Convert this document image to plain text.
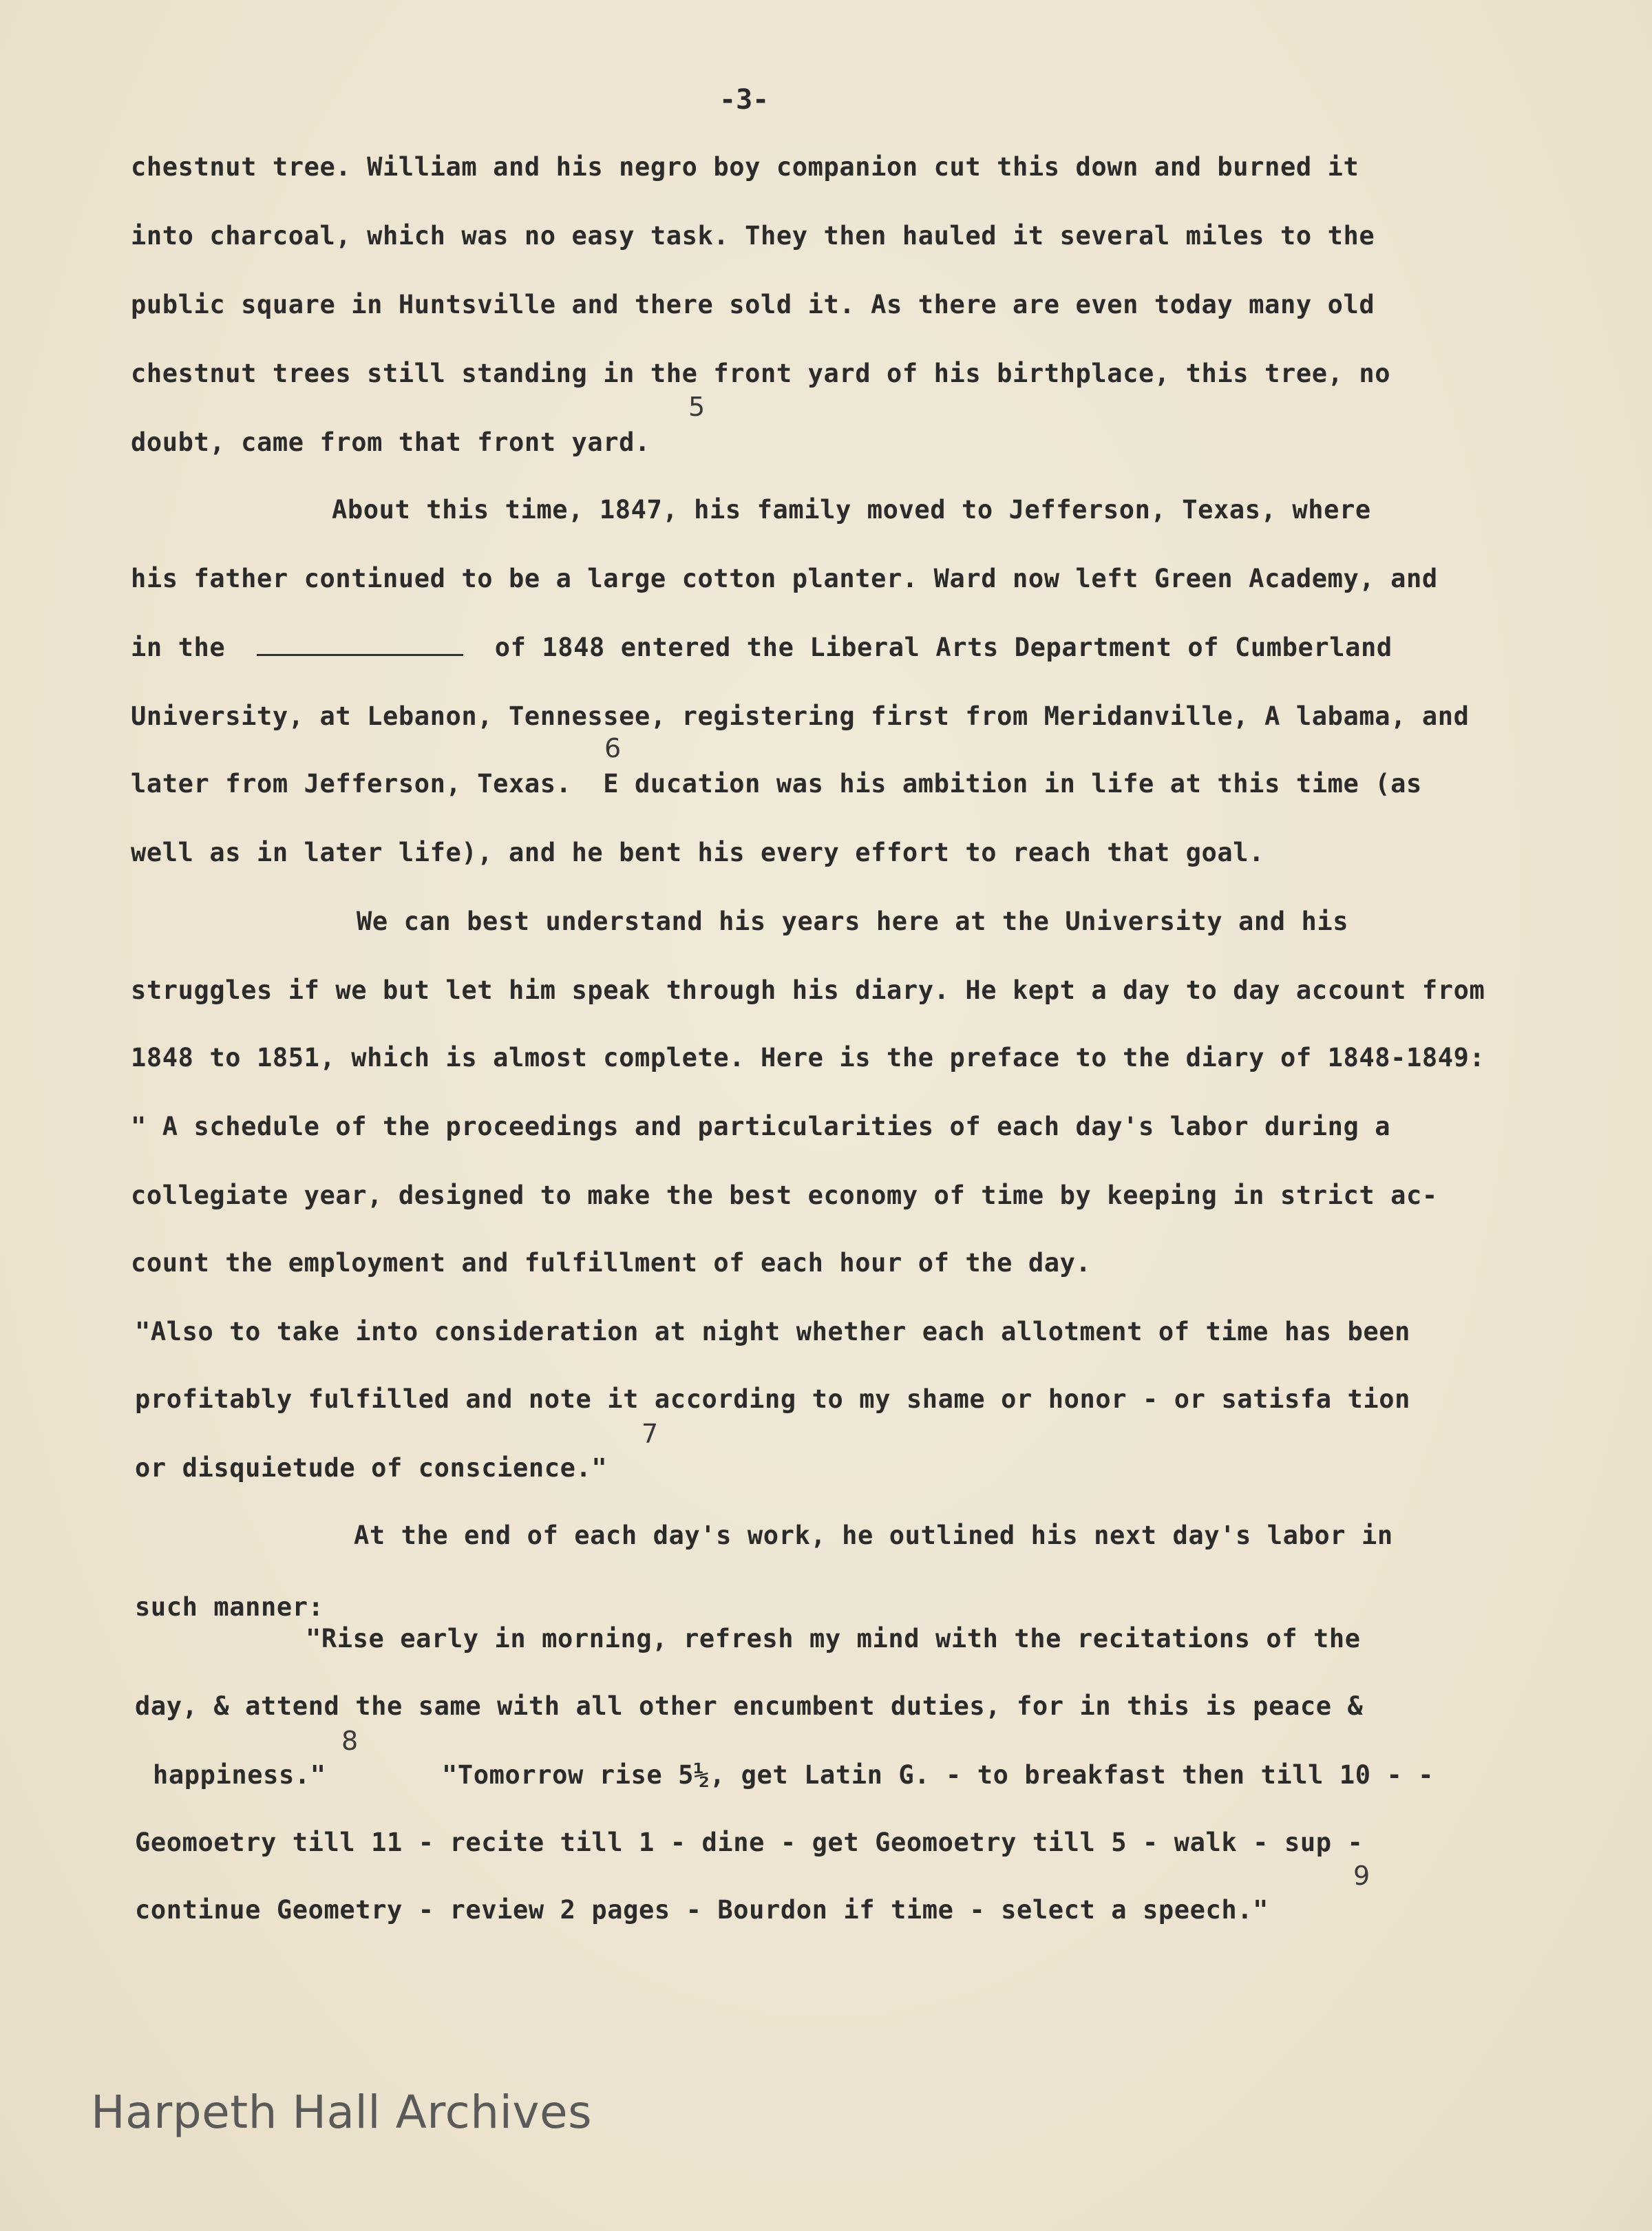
-3-
chestnut tree. William and his negro boy companion cut this down and burned it
into charcoal, which was no easy task. They then hauled it several miles to the
public square in Huntsville and there sold it. As there are even today many old
chestnut trees still standing in the front yard of his birthplace, this tree, no
5
doubt, came from that front yard.
About this time, 1847, his family moved to Jefferson, Texas, where
his father continued to be a large cotton planter. Ward now left Green Academy, and
in the	of 1848 entered the Liberal Arts Department of Cumberland
University, at Lebanon, Tennessee, registering first from Meridanville, A labama, and
6
later from Jefferson, Texas.  E ducation was his ambition in life at this time (as
well as in later life), and he bent his every effort to reach that goal.
We can best understand his years here at the University and his
struggles if we but let him speak through his diary. He kept a day to day account from
1848 to 1851, which is almost complete. Here is the preface to the diary of 1848-1849:
" A schedule of the proceedings and particularities of each day's labor during a
collegiate year, designed to make the best economy of time by keeping in strict ac-
count the employment and fulfillment of each hour of the day.
"Also to take into consideration at night whether each allotment of time has been
profitably fulfilled and note it according to my shame or honor - or satisfa tion
7
or disquietude of conscience."
At the end of each day's work, he outlined his next day's labor in
such manner:
"Rise early in morning, refresh my mind with the recitations of the
day, & attend the same with all other encumbent duties, for in this is peace &
8
happiness."	"Tomorrow rise 5½, get Latin G. - to breakfast then till 10 - -
Geomoetry till 11 - recite till 1 - dine - get Geomoetry till 5 - walk - sup -
9
continue Geometry - review 2 pages - Bourdon if time - select a speech."
Harpeth Hall Archives
